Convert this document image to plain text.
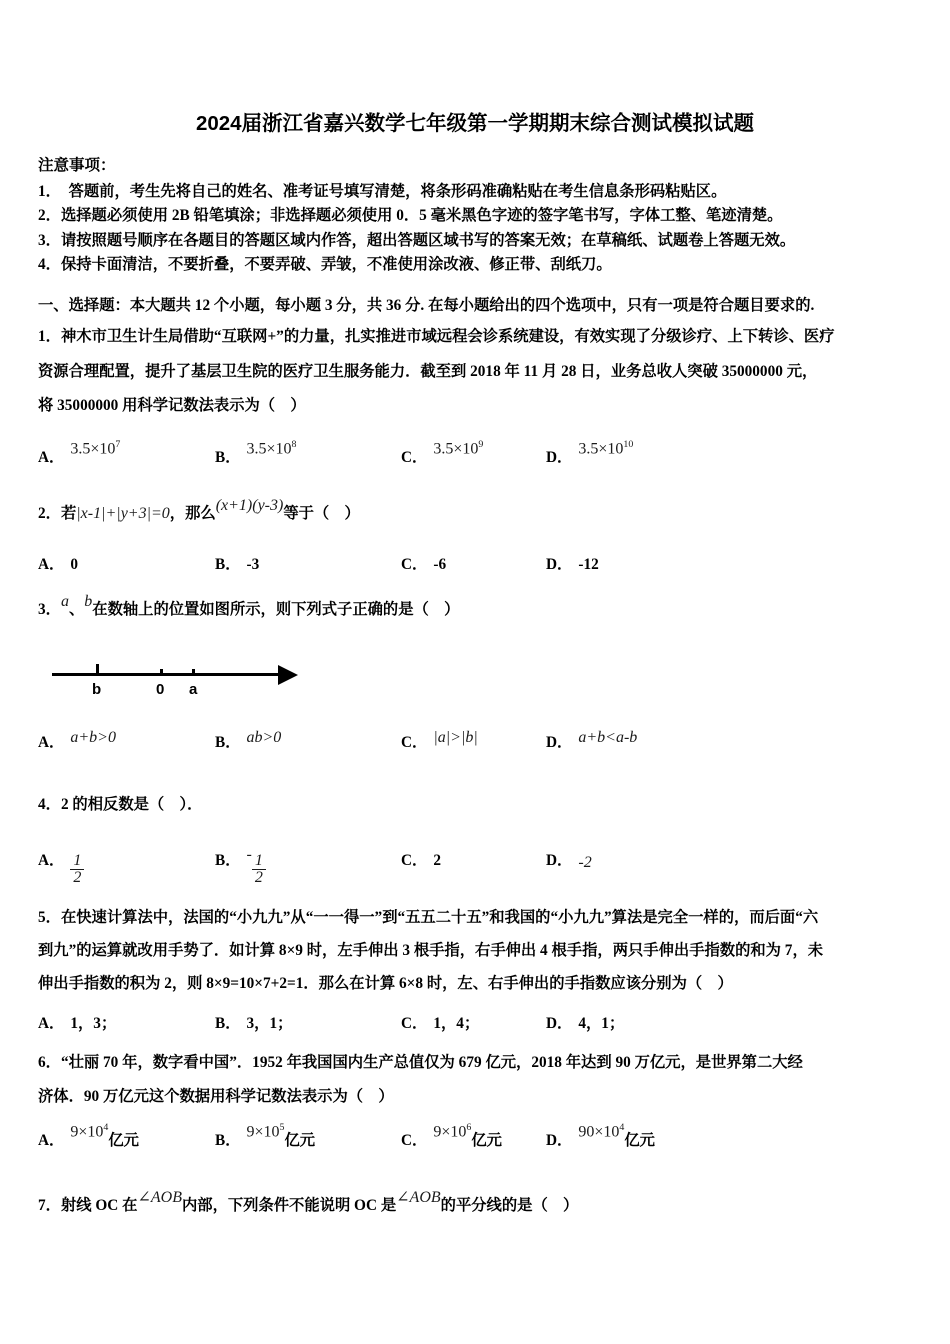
2024届浙江省嘉兴数学七年级第一学期期末综合测试模拟试题
注意事项：
1．　答题前，考生先将自己的姓名、准考证号填写清楚，将条形码准确粘贴在考生信息条形码粘贴区。
2．选择题必须使用 2B 铅笔填涂；非选择题必须使用 0．5 毫米黑色字迹的签字笔书写，字体工整、笔迹清楚。
3．请按照题号顺序在各题目的答题区域内作答，超出答题区域书写的答案无效；在草稿纸、试题卷上答题无效。
4．保持卡面清洁，不要折叠，不要弄破、弄皱，不准使用涂改液、修正带、刮纸刀。
一、选择题：本大题共 12 个小题，每小题 3 分，共 36 分. 在每小题给出的四个选项中，只有一项是符合题目要求的.
1．神木市卫生计生局借助“互联网+”的力量，扎实推进市域远程会诊系统建设，有效实现了分级诊疗、上下转诊、医疗
资源合理配置，提升了基层卫生院的医疗卫生服务能力．截至到 2018 年 11 月 28 日，业务总收人突破 35000000 元，
将 35000000 用科学记数法表示为（　）
A．
$3.5\times 10^7$
B．
$3.5\times 10^8$
C．
$3.5\times 10^9$
D．
$3.5\times 10^{10}$
2．若|x-1|+|y+3|=0，那么(x+1)(y-3)等于（　）
A． 0	B． -3	C． -6	D． -12
3．a、b在数轴上的位置如图所示，则下列式子正确的是（　）
b	0 a
A． a+b>0	B． ab>0	C． |a|>|b|	D． a+b<a-b
4．2 的相反数是（　）．
A． $\frac{1}{2}$	B． - $\frac{1}{2}$	C． 2	D． -2
5．在快速计算法中，法国的“小九九”从“一一得一”到“五五二十五”和我国的“小九九”算法是完全一样的，而后面“六
到九”的运算就改用手势了．如计算 8×9 时，左手伸出 3 根手指，右手伸出 4 根手指，两只手伸出手指数的和为 7，未
伸出手指数的积为 2，则 8×9=10×7+2=1．那么在计算 6×8 时，左、右手伸出的手指数应该分别为（　）
A． 1，3；	B． 3，1；	C． 1，4；	D． 4，1；
6．“壮丽 70 年，数字看中国”．1952 年我国国内生产总值仅为 679 亿元，2018 年达到 90 万亿元，是世界第二大经
济体．90 万亿元这个数据用科学记数法表示为（　）
A．
$9\times 10^4$
亿元	B．
$9\times 10^5$
亿元	C．
$9\times 10^6$
亿元	D．
$90\times 10^4$
亿元
7．射线 OC 在∠AOB内部，下列条件不能说明 OC 是∠AOB的平分线的是（　）
